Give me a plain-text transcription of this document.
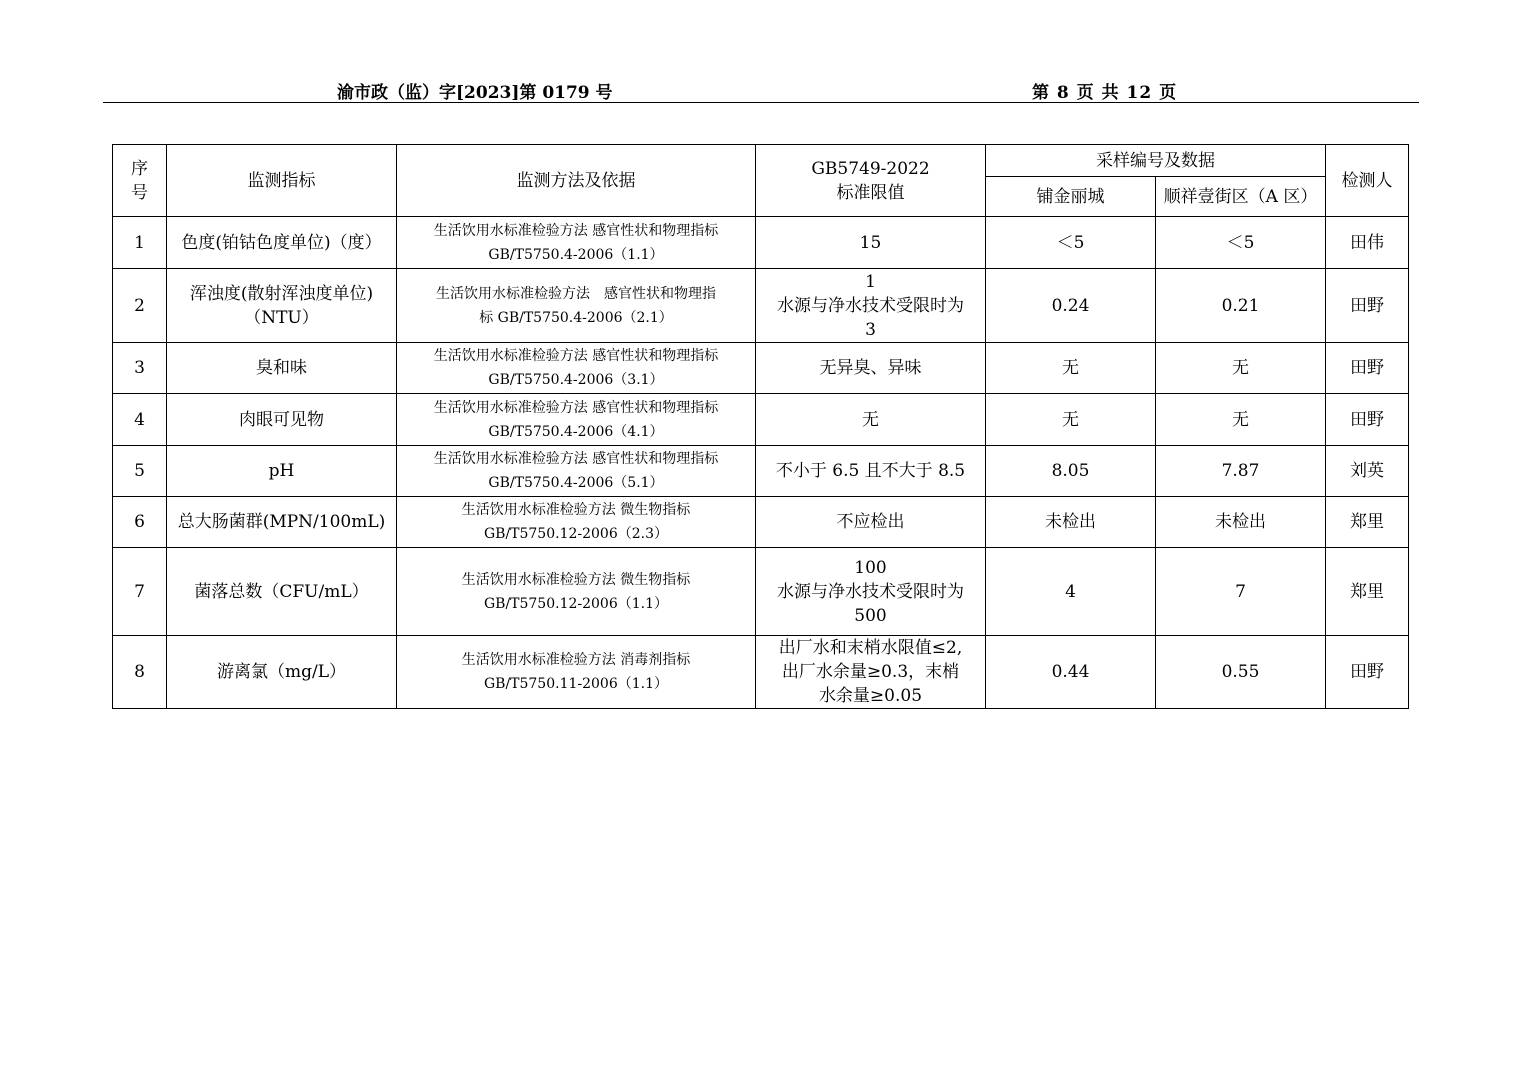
渝市政（监）字[2023]第 0179 号	第 8 页 共 12 页
序
号	监测指标	监测方法及依据	GB5749-2022
标准限值	采样编号及数据		检测人
				铺金丽城	顺祥壹街区（A 区）	
1	色度(铂钴色度单位)（度）	生活饮用水标准检验方法 感官性状和物理指标
GB/T5750.4-2006（1.1）	15	＜5	＜5	田伟
2	浑浊度(散射浑浊度单位)
（NTU）	生活饮用水标准检验方法　感官性状和物理指
标 GB/T5750.4-2006（2.1）	1
水源与净水技术受限时为
3	0.24	0.21	田野
3	臭和味	生活饮用水标准检验方法 感官性状和物理指标
GB/T5750.4-2006（3.1）	无异臭、异味	无	无	田野
4	肉眼可见物	生活饮用水标准检验方法 感官性状和物理指标
GB/T5750.4-2006（4.1）	无	无	无	田野
5	pH	生活饮用水标准检验方法 感官性状和物理指标
GB/T5750.4-2006（5.1）	不小于 6.5 且不大于 8.5	8.05	7.87	刘英
6	总大肠菌群(MPN/100mL)	生活饮用水标准检验方法 微生物指标
GB/T5750.12-2006（2.3）	不应检出	未检出	未检出	郑里
7	菌落总数（CFU/mL）	生活饮用水标准检验方法 微生物指标
GB/T5750.12-2006（1.1）	100
水源与净水技术受限时为
500	4	7	郑里
8	游离氯（mg/L）	生活饮用水标准检验方法 消毒剂指标
GB/T5750.11-2006（1.1）	出厂水和末梢水限值≤2,
出厂水余量≥0.3，末梢
水余量≥0.05	0.44	0.55	田野
